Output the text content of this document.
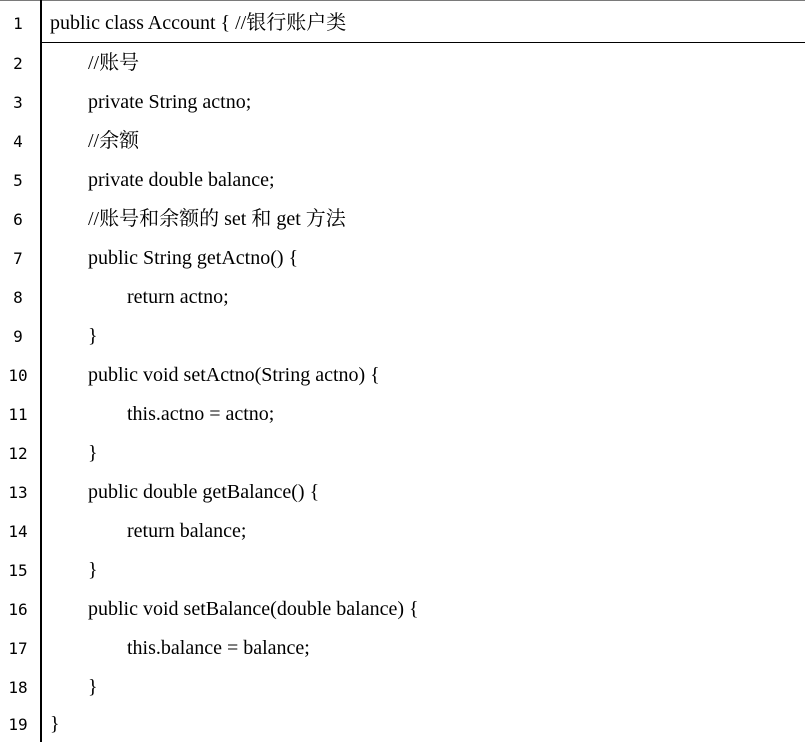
1	public class Account { //银行账户类
2	//账号
3	private String actno;
4	//余额
5	private double balance;
6	//账号和余额的 set 和 get 方法
7	public String getActno() {
8	return actno;
9	}
10	public void setActno(String actno) {
11	this.actno = actno;
12	}
13	public double getBalance() {
14	return balance;
15	}
16	public void setBalance(double balance) {
17	this.balance = balance;
18	}
19	}
